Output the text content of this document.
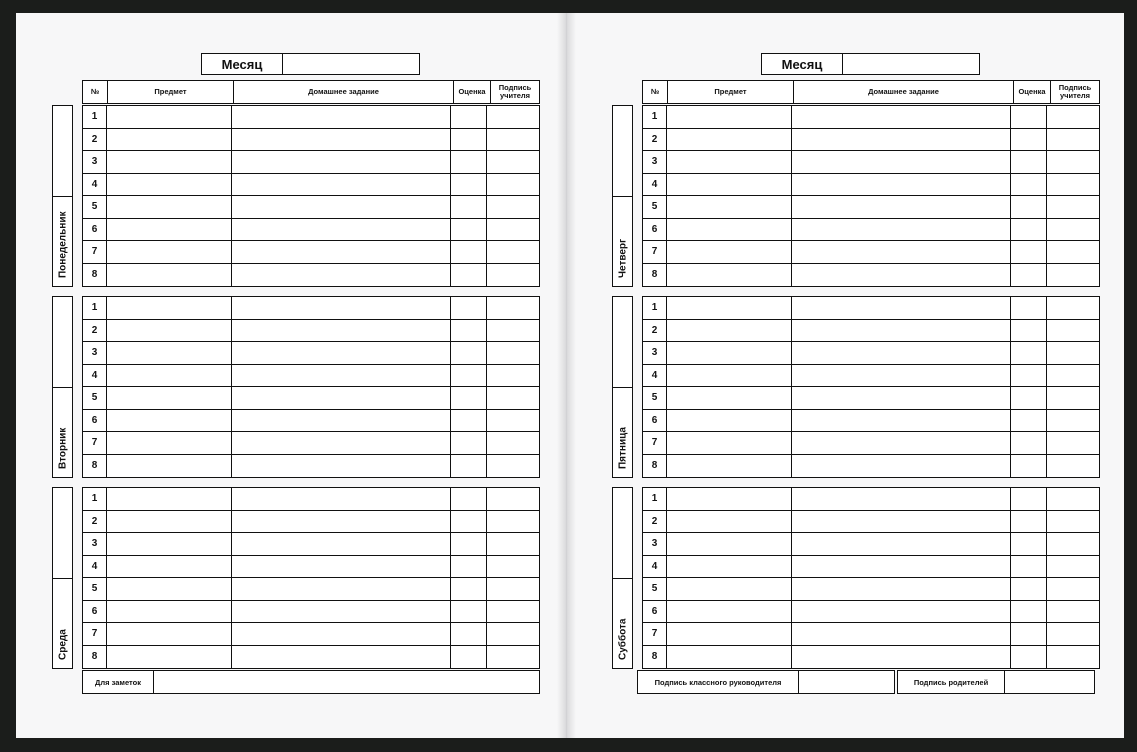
Месяц
№	Предмет	Домашнее задание	Оценка	Подпись учителя
Понедельник
1
2
3
4
5
6
7
8
Вторник
1
2
3
4
5
6
7
8
Среда
1
2
3
4
5
6
7
8
Для заметок
Месяц
№	Предмет	Домашнее задание	Оценка	Подпись учителя
Четверг
1
2
3
4
5
6
7
8
Пятница
1
2
3
4
5
6
7
8
Суббота
1
2
3
4
5
6
7
8
Подпись классного руководителя	Подпись родителей
